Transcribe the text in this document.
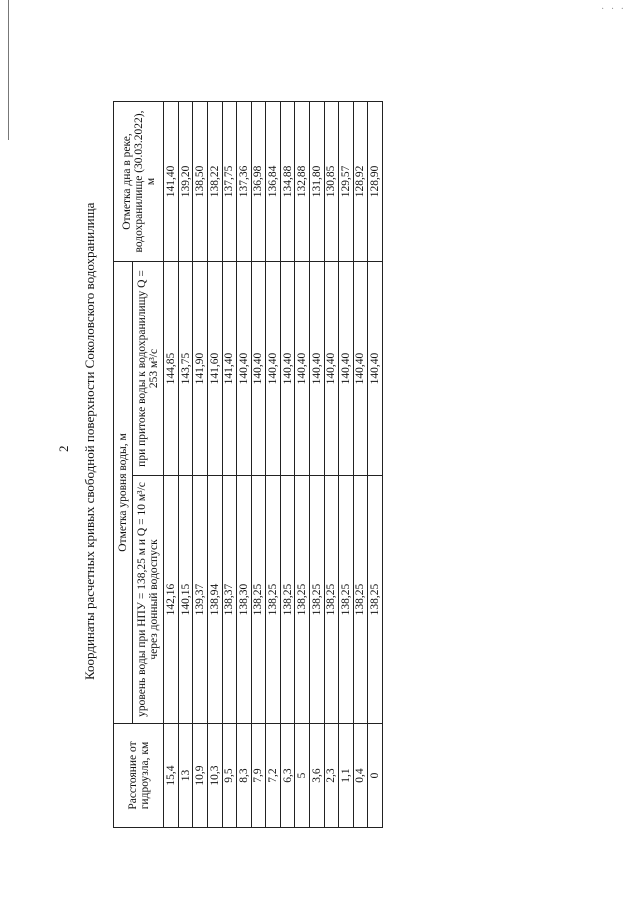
· · ·
2 Координаты расчетных кривых свободной поверхности Соколовского водохранилища
Расстояние от гидроузла, км	Отметка уровня воды, м		Отметка дна в реке, водохранилище (30.03.2022), м
	уровень воды при НПУ = 138,25 м и Q = 10 м³/с через донный водоспуск	при притоке воды к водохранилищу Q = 253 м³/с	
15,4	142,16	144,85	141,40
13	140,15	143,75	139,20
10,9	139,37	141,90	138,50
10,3	138,94	141,60	138,22
9,5	138,37	141,40	137,75
8,3	138,30	140,40	137,36
7,9	138,25	140,40	136,98
7,2	138,25	140,40	136,84
6,3	138,25	140,40	134,88
5	138,25	140,40	132,88
3,6	138,25	140,40	131,80
2,3	138,25	140,40	130,85
1,1	138,25	140,40	129,57
0,4	138,25	140,40	128,92
0	138,25	140,40	128,90
